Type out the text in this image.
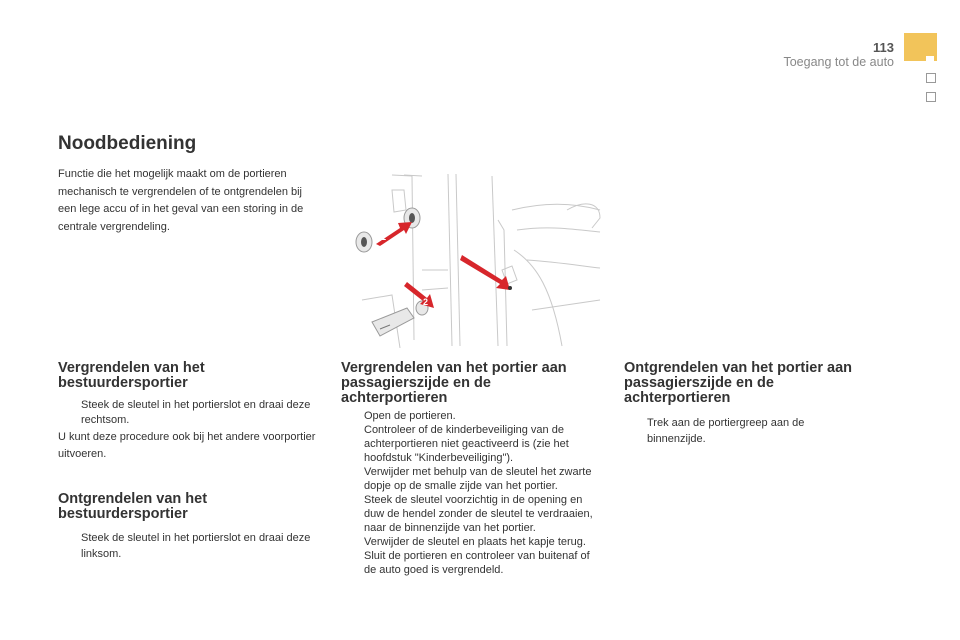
113
Toegang tot de auto
Noodbediening
Functie die het mogelijk maakt om de portieren mechanisch te vergrendelen of te ontgrendelen bij een lege accu of in het geval van een storing in de centrale vergrendeling.
1
2
Vergrendelen van het bestuurdersportier
Steek de sleutel in het portierslot en draai deze rechtsom.
U kunt deze procedure ook bij het andere voorportier uitvoeren.
Ontgrendelen van het bestuurdersportier
Steek de sleutel in het portierslot en draai deze linksom.
Vergrendelen van het portier aan passagierszijde en de achterportieren
Open de portieren.
Controleer of de kinderbeveiliging van de achterportieren niet geactiveerd is (zie het hoofdstuk "Kinderbeveiliging").
Verwijder met behulp van de sleutel het zwarte dopje op de smalle zijde van het portier.
Steek de sleutel voorzichtig in de opening en duw de hendel zonder de sleutel te verdraaien, naar de binnenzijde van het portier.
Verwijder de sleutel en plaats het kapje terug.
Sluit de portieren en controleer van buitenaf of de auto goed is vergrendeld.
Ontgrendelen van het portier aan passagierszijde en de achterportieren
Trek aan de portiergreep aan de binnenzijde.
